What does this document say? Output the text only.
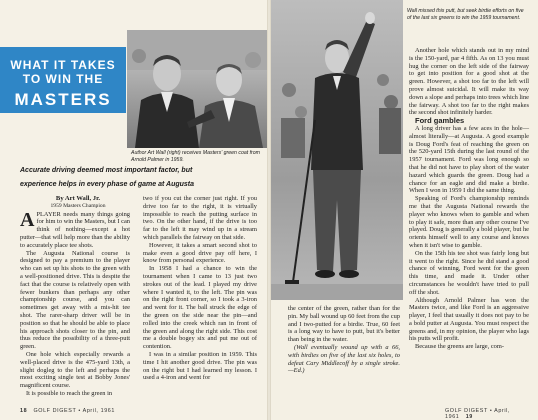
WHAT IT TAKES TO WIN THE
MASTERS
Author Art Wall (right) receives Masters' green coat from Arnold Palmer in 1959.
Accurate driving deemed most important factor, but
experience helps in every phase of game at Augusta

By Art Wall, Jr.

1959 Masters Champion

A PLAYER needs many things going for him to win the Masters, but I can think of nothing—except a hot putter—that will help more than the ability to accurately place tee shots.

The Augusta National course is designed to pay a premium to the player who can set up his shots to the green with a well-positioned drive. This is despite the fact that the course is relatively open with fewer bunkers than perhaps any other championship course, and you can sometimes get away with a mis-hit tee shot. The rarer-sharp driver will be in position so that he should be able to place his approach shots closer to the pin, and thus reduce the possibility of a three-putt green.

One hole which especially rewards a well-placed drive is the 475-yard 13th, a slight dogleg to the left and perhaps the most exciting single test at Bobby Jones' magnificent course.

It is possible to reach the green in

two if you cut the corner just right. If you drive too far to the right, it is virtually impossible to reach the putting surface in two. On the other hand, if the drive is too far to the left it may wind up in a stream which parallels the fairway on that side.

However, it takes a smart second shot to make even a good drive pay off here, I know from personal experience.

In 1958 I had a chance to win the tournament when I came to 13 just two strokes out of the lead. I played my drive where I wanted it, to the left. The pin was on the right front corner, so I took a 3-iron and went for it. The ball struck the edge of the green on the side near the pin—and rolled into the creek which ran in front of the green and along the right side. This cost me a double bogey six and put me out of contention.

I was in a similar position in 1959. This time I hit another good drive. The pin was on the right but I had learned my lesson. I used a 4-iron and went for

18 GOLF DIGEST • April, 1961
Wall missed this putt, but seek birdie efforts on five of the last six greens to win the 1959 tournament.

the center of the green, rather than for the pin. My ball wound up 60 feet from the cup and I two-putted for a birdie. True, 60 feet is a long way to have to putt, but it's better than being in the water.

(Wall eventually wound up with a 66, with birdies on five of the last six holes, to defeat Cary Middlecoff by a single stroke.—Ed.)

Another hole which stands out in my mind is the 150-yard, par 4 fifth. As on 13 you must hug the corner on the left side of the fairway to get into position for a good shot at the green. However, a shot too far to the left will prove almost suicidal. It will make its way down a slope and perhaps into trees which line the fairway. A shot too far to the right makes the second shot infinitely harder.

Ford gambles

A long driver has a few aces in the hole—almost literally—at Augusta. A good example is Doug Ford's feat of reaching the green on the 520-yard 15th during the last round of the 1957 tournament. Ford was long enough so that he did not have to play short of the water hazard which guards the green. Doug had a chance for an eagle and did make a birdie. When I won in 1959 I did the same thing.

Speaking of Ford's championship reminds me that the Augusta National rewards the player who knows when to gamble and when to play it safe, more than any other course I've played. Doug is generally a bold player, but he orients himself well to any course and knows when it isn't wise to gamble.

On the 15th his tee shot was fairly long but it went to the right. Since he did stand a good chance of winning, Ford went for the green this time, and made it. Under other circumstances he wouldn't have tried to pull off the shot.

Although Arnold Palmer has won the Masters twice, and like Ford is an aggressive player, I feel that usually it does not pay to be a bold putter at Augusta. You must respect the greens and, in my opinion, the player who lags his putts will profit.

Because the greens are large, com-

GOLF DIGEST • April, 1961 19
